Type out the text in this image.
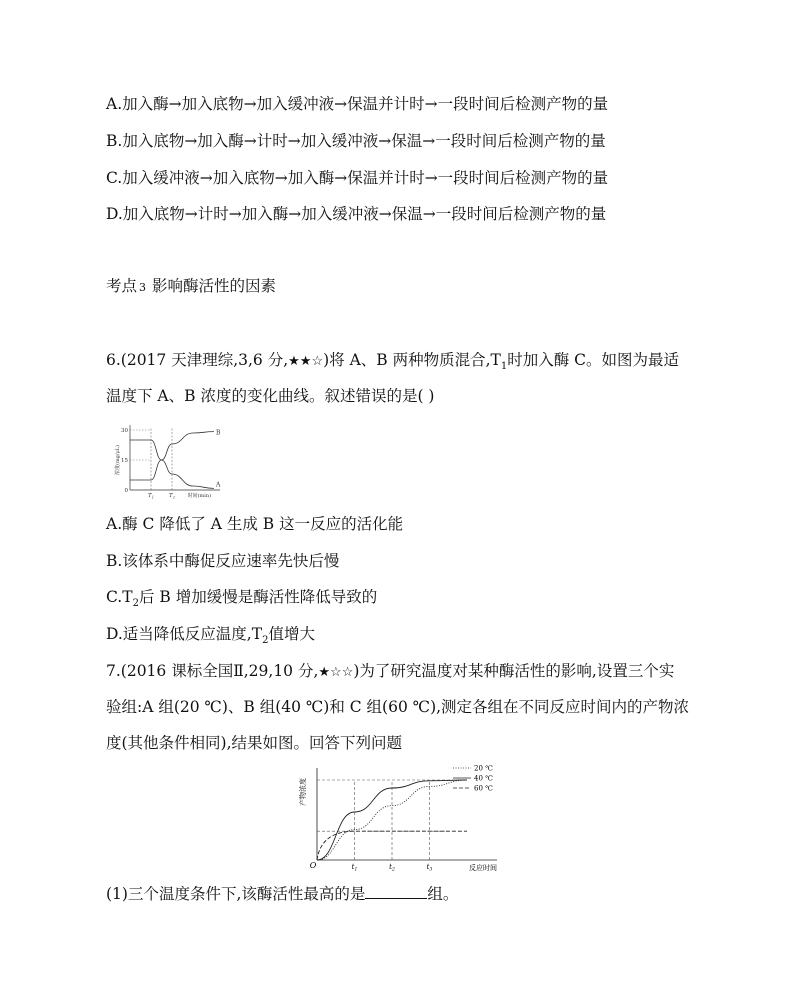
A.加入酶→加入底物→加入缓冲液→保温并计时→一段时间后检测产物的量
B.加入底物→加入酶→计时→加入缓冲液→保温→一段时间后检测产物的量
C.加入缓冲液→加入底物→加入酶→保温并计时→一段时间后检测产物的量
D.加入底物→计时→加入酶→加入缓冲液→保温→一段时间后检测产物的量
考点 3 影响酶活性的因素
6.(2017 天津理综,3,6 分,★★☆)将 A、B 两种物质混合$,T_1$时加入酶 C。如图为最适
温度下 A、B 浓度的变化曲线。叙述错误的是( )
浓度(mg/μL)
0
15
30
$T_1$	$T_2$	时间(min)
A
B
A.酶 C 降低了 A 生成 B 这一反应的活化能
B.该体系中酶促反应速率先快后慢
$C.T_2$后 B 增加缓慢是酶活性降低导致的
D.适当降低反应温度$,T_2$值增大
7.(2016 课标全国Ⅱ,29,10 分,★☆☆)为了研究温度对某种酶活性的影响,设置三个实
验组:A 组(20 ℃)、B 组(40 ℃)和 C 组(60 ℃),测定各组在不同反应时间内的产物浓
度(其他条件相同),结果如图。回答下列问题
O
产物浓度
反应时间
$t_1$	$t_2$	$t_3$
20 ℃
40 ℃
60 ℃
(1)三个温度条件下,该酶活性最高的是	组。
